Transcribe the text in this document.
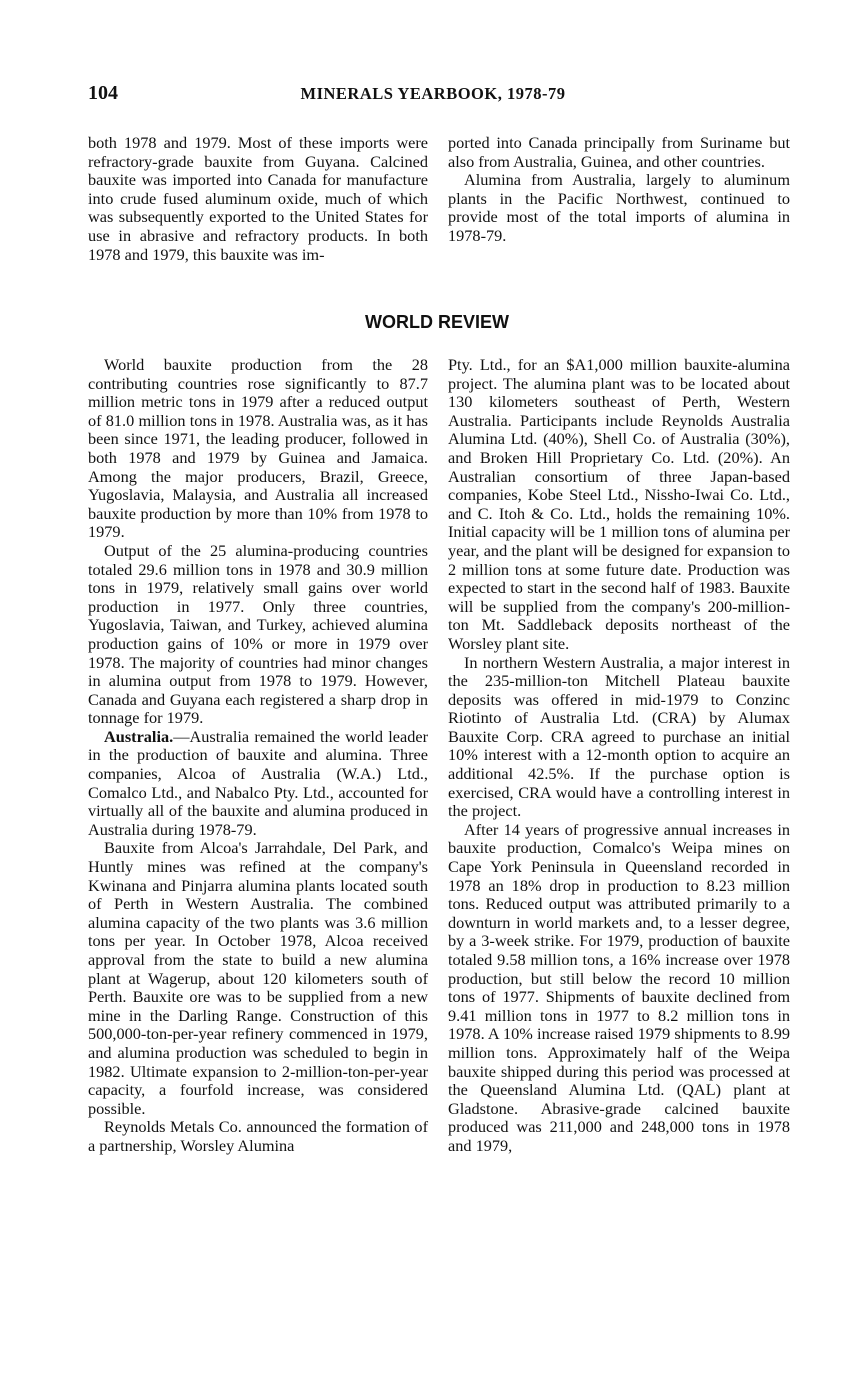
104	MINERALS YEARBOOK, 1978-79

both 1978 and 1979. Most of these imports were refractory-grade bauxite from Guyana. Calcined bauxite was imported into Canada for manufacture into crude fused aluminum oxide, much of which was subsequently exported to the United States for use in abrasive and refractory products. In both 1978 and 1979, this bauxite was im-

ported into Canada principally from Suriname but also from Australia, Guinea, and other countries.

Alumina from Australia, largely to aluminum plants in the Pacific Northwest, continued to provide most of the total imports of alumina in 1978-79.

WORLD REVIEW

World bauxite production from the 28 contributing countries rose significantly to 87.7 million metric tons in 1979 after a reduced output of 81.0 million tons in 1978. Australia was, as it has been since 1971, the leading producer, followed in both 1978 and 1979 by Guinea and Jamaica. Among the major producers, Brazil, Greece, Yugoslavia, Malaysia, and Australia all increased bauxite production by more than 10% from 1978 to 1979.

Output of the 25 alumina-producing countries totaled 29.6 million tons in 1978 and 30.9 million tons in 1979, relatively small gains over world production in 1977. Only three countries, Yugoslavia, Taiwan, and Turkey, achieved alumina production gains of 10% or more in 1979 over 1978. The majority of countries had minor changes in alumina output from 1978 to 1979. However, Canada and Guyana each registered a sharp drop in tonnage for 1979.

Australia.—Australia remained the world leader in the production of bauxite and alumina. Three companies, Alcoa of Australia (W.A.) Ltd., Comalco Ltd., and Nabalco Pty. Ltd., accounted for virtually all of the bauxite and alumina produced in Australia during 1978-79.

Bauxite from Alcoa's Jarrahdale, Del Park, and Huntly mines was refined at the company's Kwinana and Pinjarra alumina plants located south of Perth in Western Australia. The combined alumina capacity of the two plants was 3.6 million tons per year. In October 1978, Alcoa received approval from the state to build a new alumina plant at Wagerup, about 120 kilometers south of Perth. Bauxite ore was to be supplied from a new mine in the Darling Range. Construction of this 500,000-ton-per-year refinery commenced in 1979, and alumina production was scheduled to begin in 1982. Ultimate expansion to 2-million-ton-per-year capacity, a fourfold increase, was considered possible.

Reynolds Metals Co. announced the formation of a partnership, Worsley Alumina

Pty. Ltd., for an $A1,000 million bauxite-alumina project. The alumina plant was to be located about 130 kilometers southeast of Perth, Western Australia. Participants include Reynolds Australia Alumina Ltd. (40%), Shell Co. of Australia (30%), and Broken Hill Proprietary Co. Ltd. (20%). An Australian consortium of three Japan-based companies, Kobe Steel Ltd., Nissho-Iwai Co. Ltd., and C. Itoh & Co. Ltd., holds the remaining 10%. Initial capacity will be 1 million tons of alumina per year, and the plant will be designed for expansion to 2 million tons at some future date. Production was expected to start in the second half of 1983. Bauxite will be supplied from the company's 200-million-ton Mt. Saddleback deposits northeast of the Worsley plant site.

In northern Western Australia, a major interest in the 235-million-ton Mitchell Plateau bauxite deposits was offered in mid-1979 to Conzinc Riotinto of Australia Ltd. (CRA) by Alumax Bauxite Corp. CRA agreed to purchase an initial 10% interest with a 12-month option to acquire an additional 42.5%. If the purchase option is exercised, CRA would have a controlling interest in the project.

After 14 years of progressive annual increases in bauxite production, Comalco's Weipa mines on Cape York Peninsula in Queensland recorded in 1978 an 18% drop in production to 8.23 million tons. Reduced output was attributed primarily to a downturn in world markets and, to a lesser degree, by a 3-week strike. For 1979, production of bauxite totaled 9.58 million tons, a 16% increase over 1978 production, but still below the record 10 million tons of 1977. Shipments of bauxite declined from 9.41 million tons in 1977 to 8.2 million tons in 1978. A 10% increase raised 1979 shipments to 8.99 million tons. Approximately half of the Weipa bauxite shipped during this period was processed at the Queensland Alumina Ltd. (QAL) plant at Gladstone. Abrasive-grade calcined bauxite produced was 211,000 and 248,000 tons in 1978 and 1979,
